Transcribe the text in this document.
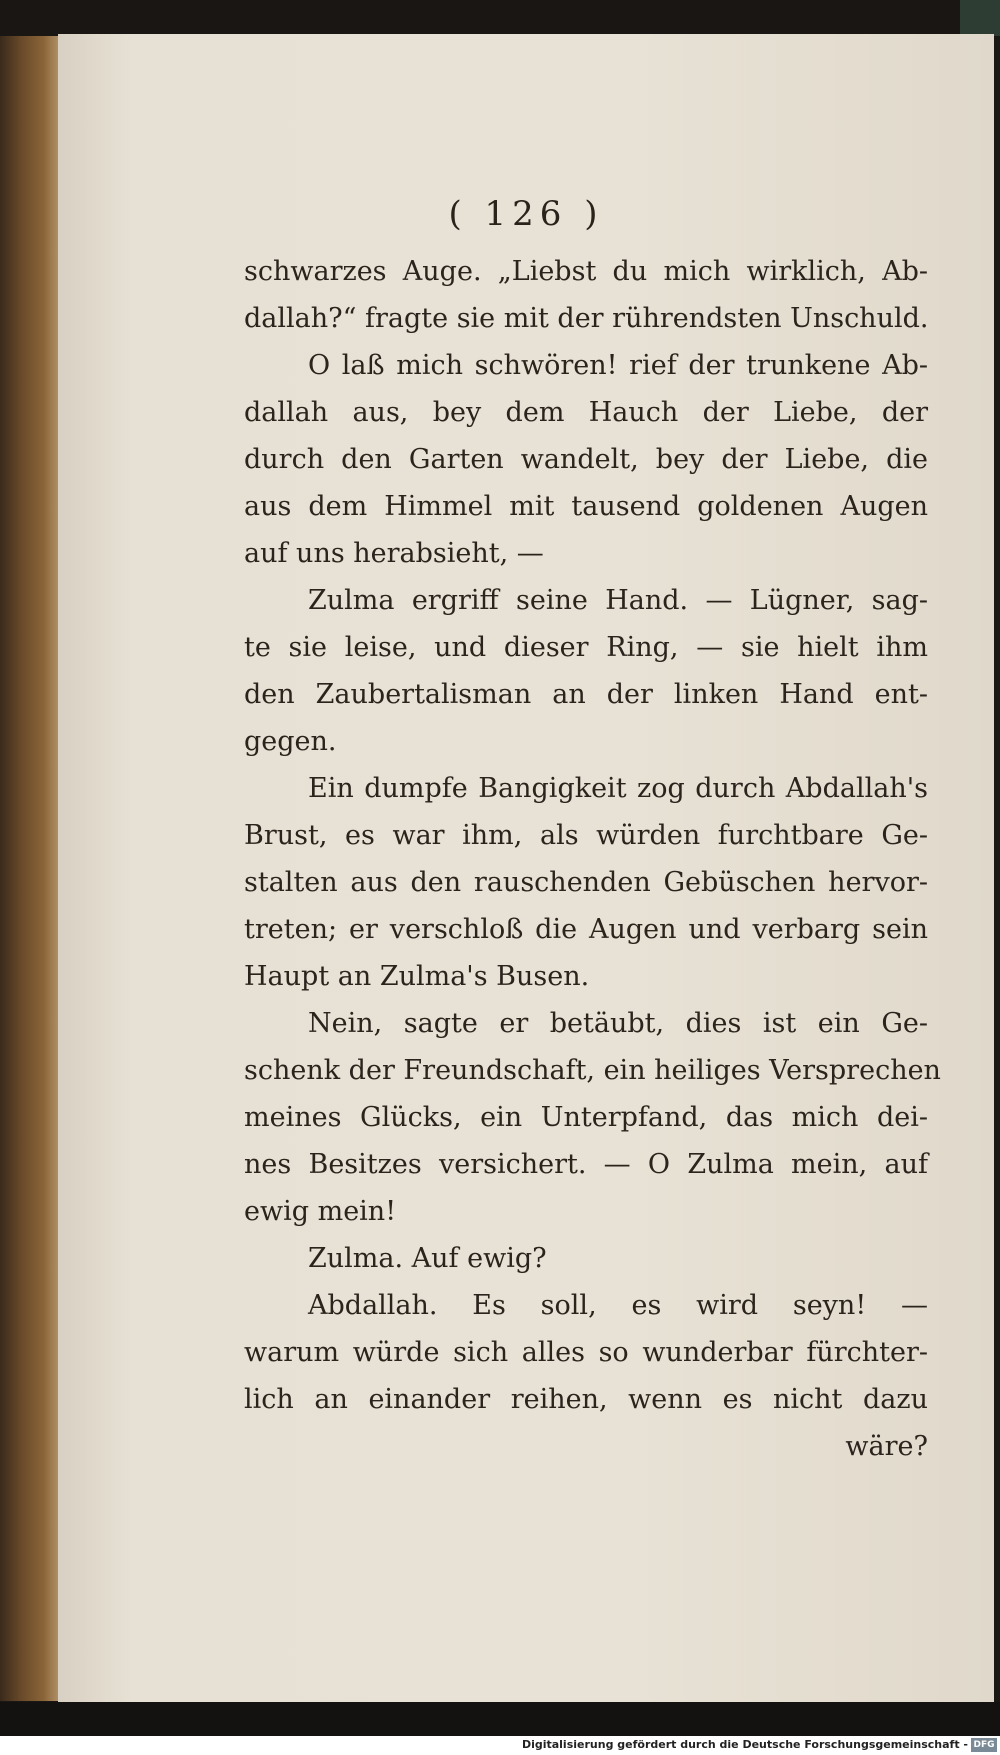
( 126 )
schwarzes Auge. „Liebst du mich wirklich, Ab-
dallah?“ fragte sie mit der rührendsten Unschuld.
O laß mich schwören! rief der trunkene Ab-
dallah aus, bey dem Hauch der Liebe, der
durch den Garten wandelt, bey der Liebe, die
aus dem Himmel mit tausend goldenen Augen
auf uns herabsieht, —
Zulma ergriff seine Hand. — Lügner, sag-
te sie leise, und dieser Ring, — sie hielt ihm
den Zaubertalisman an der linken Hand ent-
gegen.
Ein dumpfe Bangigkeit zog durch Abdallah's
Brust, es war ihm, als würden furchtbare Ge-
stalten aus den rauschenden Gebüschen hervor-
treten; er verschloß die Augen und verbarg sein
Haupt an Zulma's Busen.
Nein, sagte er betäubt, dies ist ein Ge-
schenk der Freundschaft, ein heiliges Versprechen
meines Glücks, ein Unterpfand, das mich dei-
nes Besitzes versichert. — O Zulma mein, auf
ewig mein!
Zulma. Auf ewig?
Abdallah. Es soll, es wird seyn! —
warum würde sich alles so wunderbar fürchter-
lich an einander reihen, wenn es nicht dazu
wäre?
Digitalisierung gefördert durch die Deutsche Forschungsgemeinschaft - DFG
